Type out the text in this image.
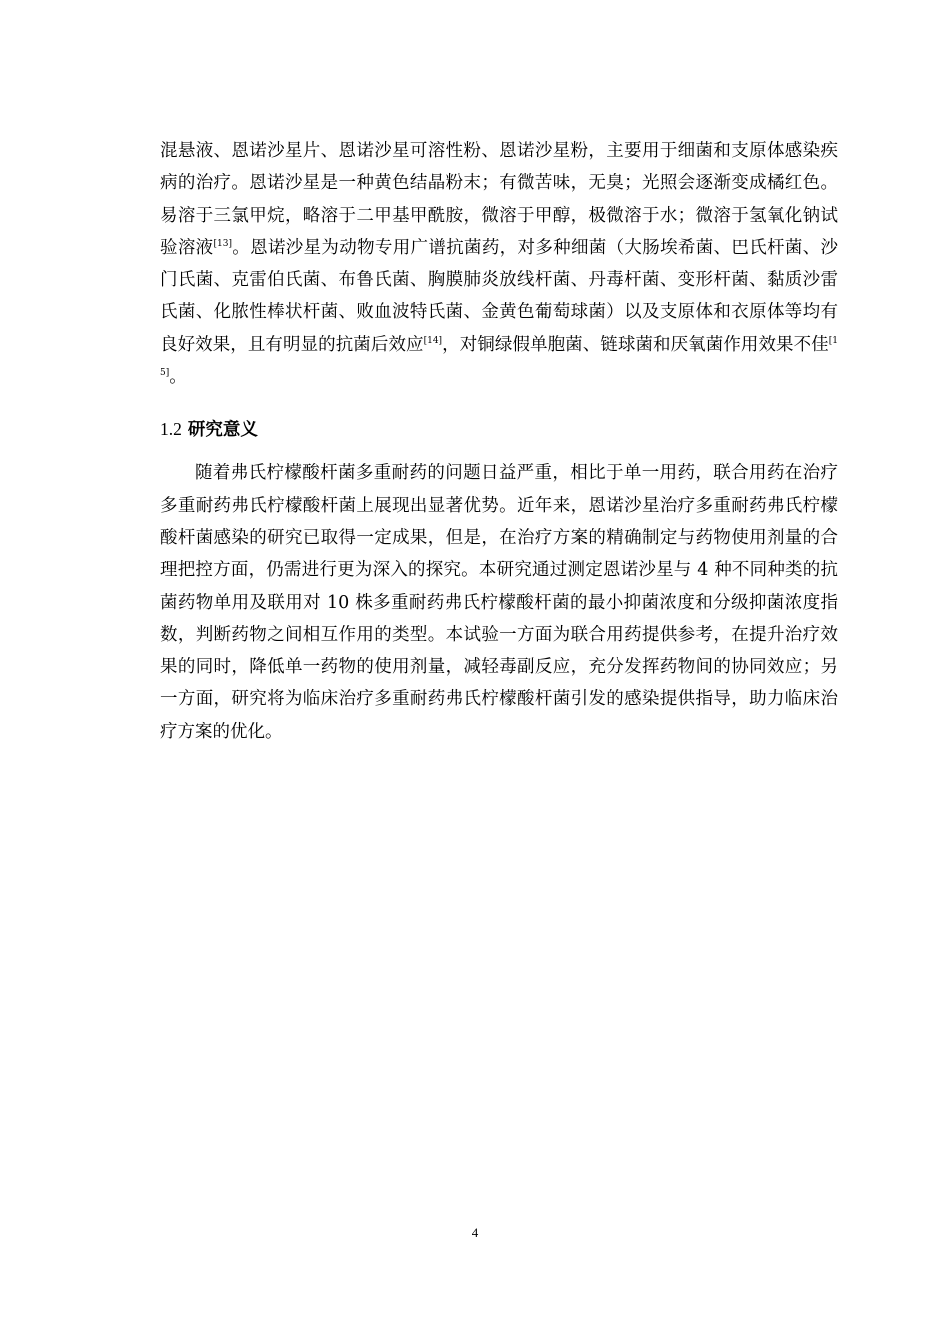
混悬液、恩诺沙星片、恩诺沙星可溶性粉、恩诺沙星粉，主要用于细菌和支原体感染疾病的治疗。恩诺沙星是一种黄色结晶粉末；有微苦味，无臭；光照会逐渐变成橘红色。易溶于三氯甲烷，略溶于二甲基甲酰胺，微溶于甲醇，极微溶于水；微溶于氢氧化钠试验溶液[13]。恩诺沙星为动物专用广谱抗菌药，对多种细菌（大肠埃希菌、巴氏杆菌、沙门氏菌、克雷伯氏菌、布鲁氏菌、胸膜肺炎放线杆菌、丹毒杆菌、变形杆菌、黏质沙雷氏菌、化脓性棒状杆菌、败血波特氏菌、金黄色葡萄球菌）以及支原体和衣原体等均有良好效果，且有明显的抗菌后效应[14]，对铜绿假单胞菌、链球菌和厌氧菌作用效果不佳[15]。

1.2 研究意义

随着弗氏柠檬酸杆菌多重耐药的问题日益严重，相比于单一用药，联合用药在治疗多重耐药弗氏柠檬酸杆菌上展现出显著优势。近年来，恩诺沙星治疗多重耐药弗氏柠檬酸杆菌感染的研究已取得一定成果，但是，在治疗方案的精确制定与药物使用剂量的合理把控方面，仍需进行更为深入的探究。本研究通过测定恩诺沙星与 4 种不同种类的抗菌药物单用及联用对 10 株多重耐药弗氏柠檬酸杆菌的最小抑菌浓度和分级抑菌浓度指数，判断药物之间相互作用的类型。本试验一方面为联合用药提供参考，在提升治疗效果的同时，降低单一药物的使用剂量，减轻毒副反应，充分发挥药物间的协同效应；另一方面，研究将为临床治疗多重耐药弗氏柠檬酸杆菌引发的感染提供指导，助力临床治疗方案的优化。

4
